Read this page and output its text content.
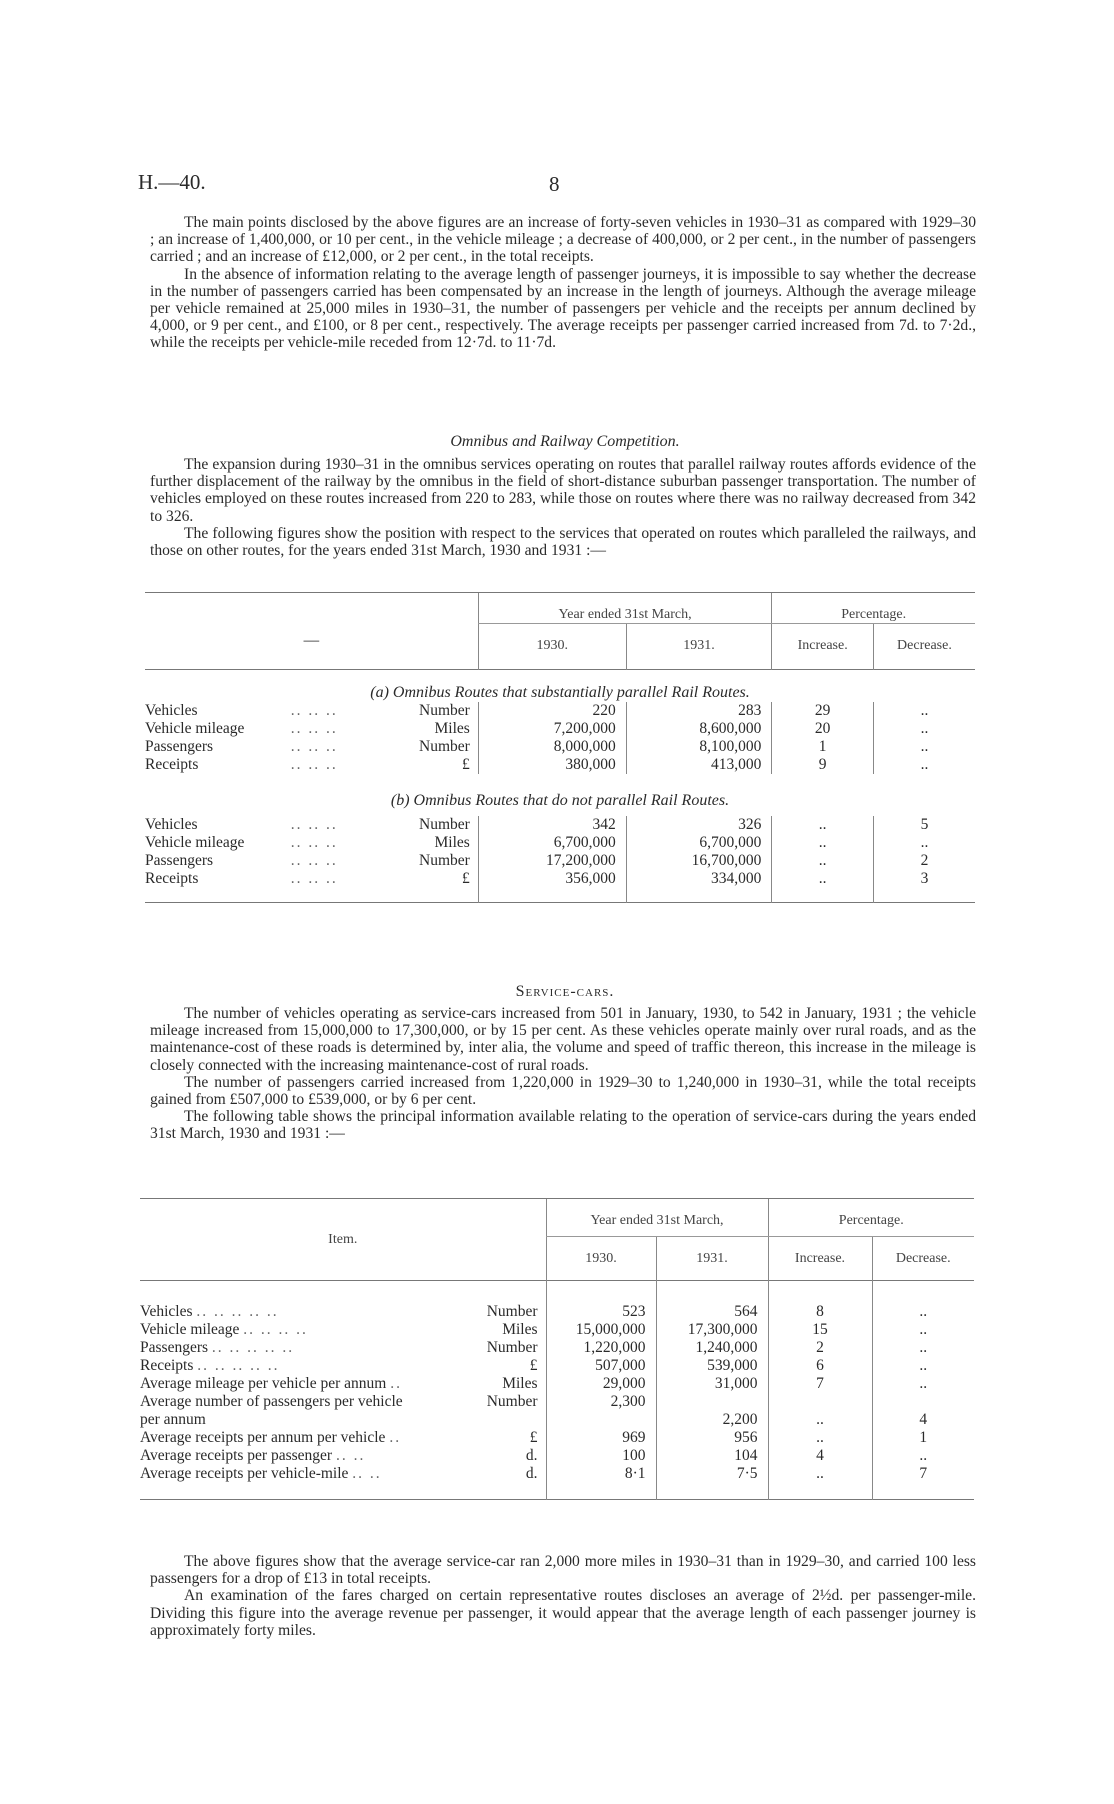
H.—40.	8

The main points disclosed by the above figures are an increase of forty-seven vehicles in 1930–31 as compared with 1929–30 ; an increase of 1,400,000, or 10 per cent., in the vehicle mileage ; a decrease of 400,000, or 2 per cent., in the number of passengers carried ; and an increase of £12,000, or 2 per cent., in the total receipts.

In the absence of information relating to the average length of passenger journeys, it is impossible to say whether the decrease in the number of passengers carried has been compensated by an increase in the length of journeys. Although the average mileage per vehicle remained at 25,000 miles in 1930–31, the number of passengers per vehicle and the receipts per annum declined by 4,000, or 9 per cent., and £100, or 8 per cent., respectively. The average receipts per passenger carried increased from 7d. to 7·2d., while the receipts per vehicle-mile receded from 12·7d. to 11·7d.

Omnibus and Railway Competition.

The expansion during 1930–31 in the omnibus services operating on routes that parallel railway routes affords evidence of the further displacement of the railway by the omnibus in the field of short-distance suburban passenger transportation. The number of vehicles employed on these routes increased from 220 to 283, while those on routes where there was no railway decreased from 342 to 326.

The following figures show the position with respect to the services that operated on routes which paralleled the railways, and those on other routes, for the years ended 31st March, 1930 and 1931 :—

—			Year ended 31st March,		Percentage.	
			1930.	1931.	Increase.	Decrease.
(a) Omnibus Routes that substantially parallel Rail Routes.						
Vehicles	.. .. ..	Number	220	283	29	..
Vehicle mileage	.. .. ..	Miles	7,200,000	8,600,000	20	..
Passengers	.. .. ..	Number	8,000,000	8,100,000	1	..
Receipts	.. .. ..	£	380,000	413,000	9	..
(b) Omnibus Routes that do not parallel Rail Routes.						
Vehicles	.. .. ..	Number	342	326	..	5
Vehicle mileage	.. .. ..	Miles	6,700,000	6,700,000	..	..
Passengers	.. .. ..	Number	17,200,000	16,700,000	..	2
Receipts	.. .. ..	£	356,000	334,000	..	3

Service-cars.

The number of vehicles operating as service-cars increased from 501 in January, 1930, to 542 in January, 1931 ; the vehicle mileage increased from 15,000,000 to 17,300,000, or by 15 per cent. As these vehicles operate mainly over rural roads, and as the maintenance-cost of these roads is determined by, inter alia, the volume and speed of traffic thereon, this increase in the mileage is closely connected with the increasing maintenance-cost of rural roads.

The number of passengers carried increased from 1,220,000 in 1929–30 to 1,240,000 in 1930–31, while the total receipts gained from £507,000 to £539,000, or by 6 per cent.

The following table shows the principal information available relating to the operation of service-cars during the years ended 31st March, 1930 and 1931 :—

Item.		Year ended 31st March,		Percentage.	
		1930.	1931.	Increase.	Decrease.

Vehicles .. .. .. .. ..	Number	523	564	8	..
Vehicle mileage .. .. .. ..	Miles	15,000,000	17,300,000	15	..
Passengers .. .. .. .. ..	Number	1,220,000	1,240,000	2	..
Receipts .. .. .. .. ..	£	507,000	539,000	6	..
Average mileage per vehicle per annum ..	Miles	29,000	31,000	7	..
Average number of passengers per vehicle per annum	Number	2,300	2,200	..	4
Average receipts per annum per vehicle ..	£	969	956	..	1
Average receipts per passenger .. ..	d.	100	104	4	..
Average receipts per vehicle-mile .. ..	d.	8·1	7·5	..	7

The above figures show that the average service-car ran 2,000 more miles in 1930–31 than in 1929–30, and carried 100 less passengers for a drop of £13 in total receipts.

An examination of the fares charged on certain representative routes discloses an average of 2½d. per passenger-mile. Dividing this figure into the average revenue per passenger, it would appear that the average length of each passenger journey is approximately forty miles.
